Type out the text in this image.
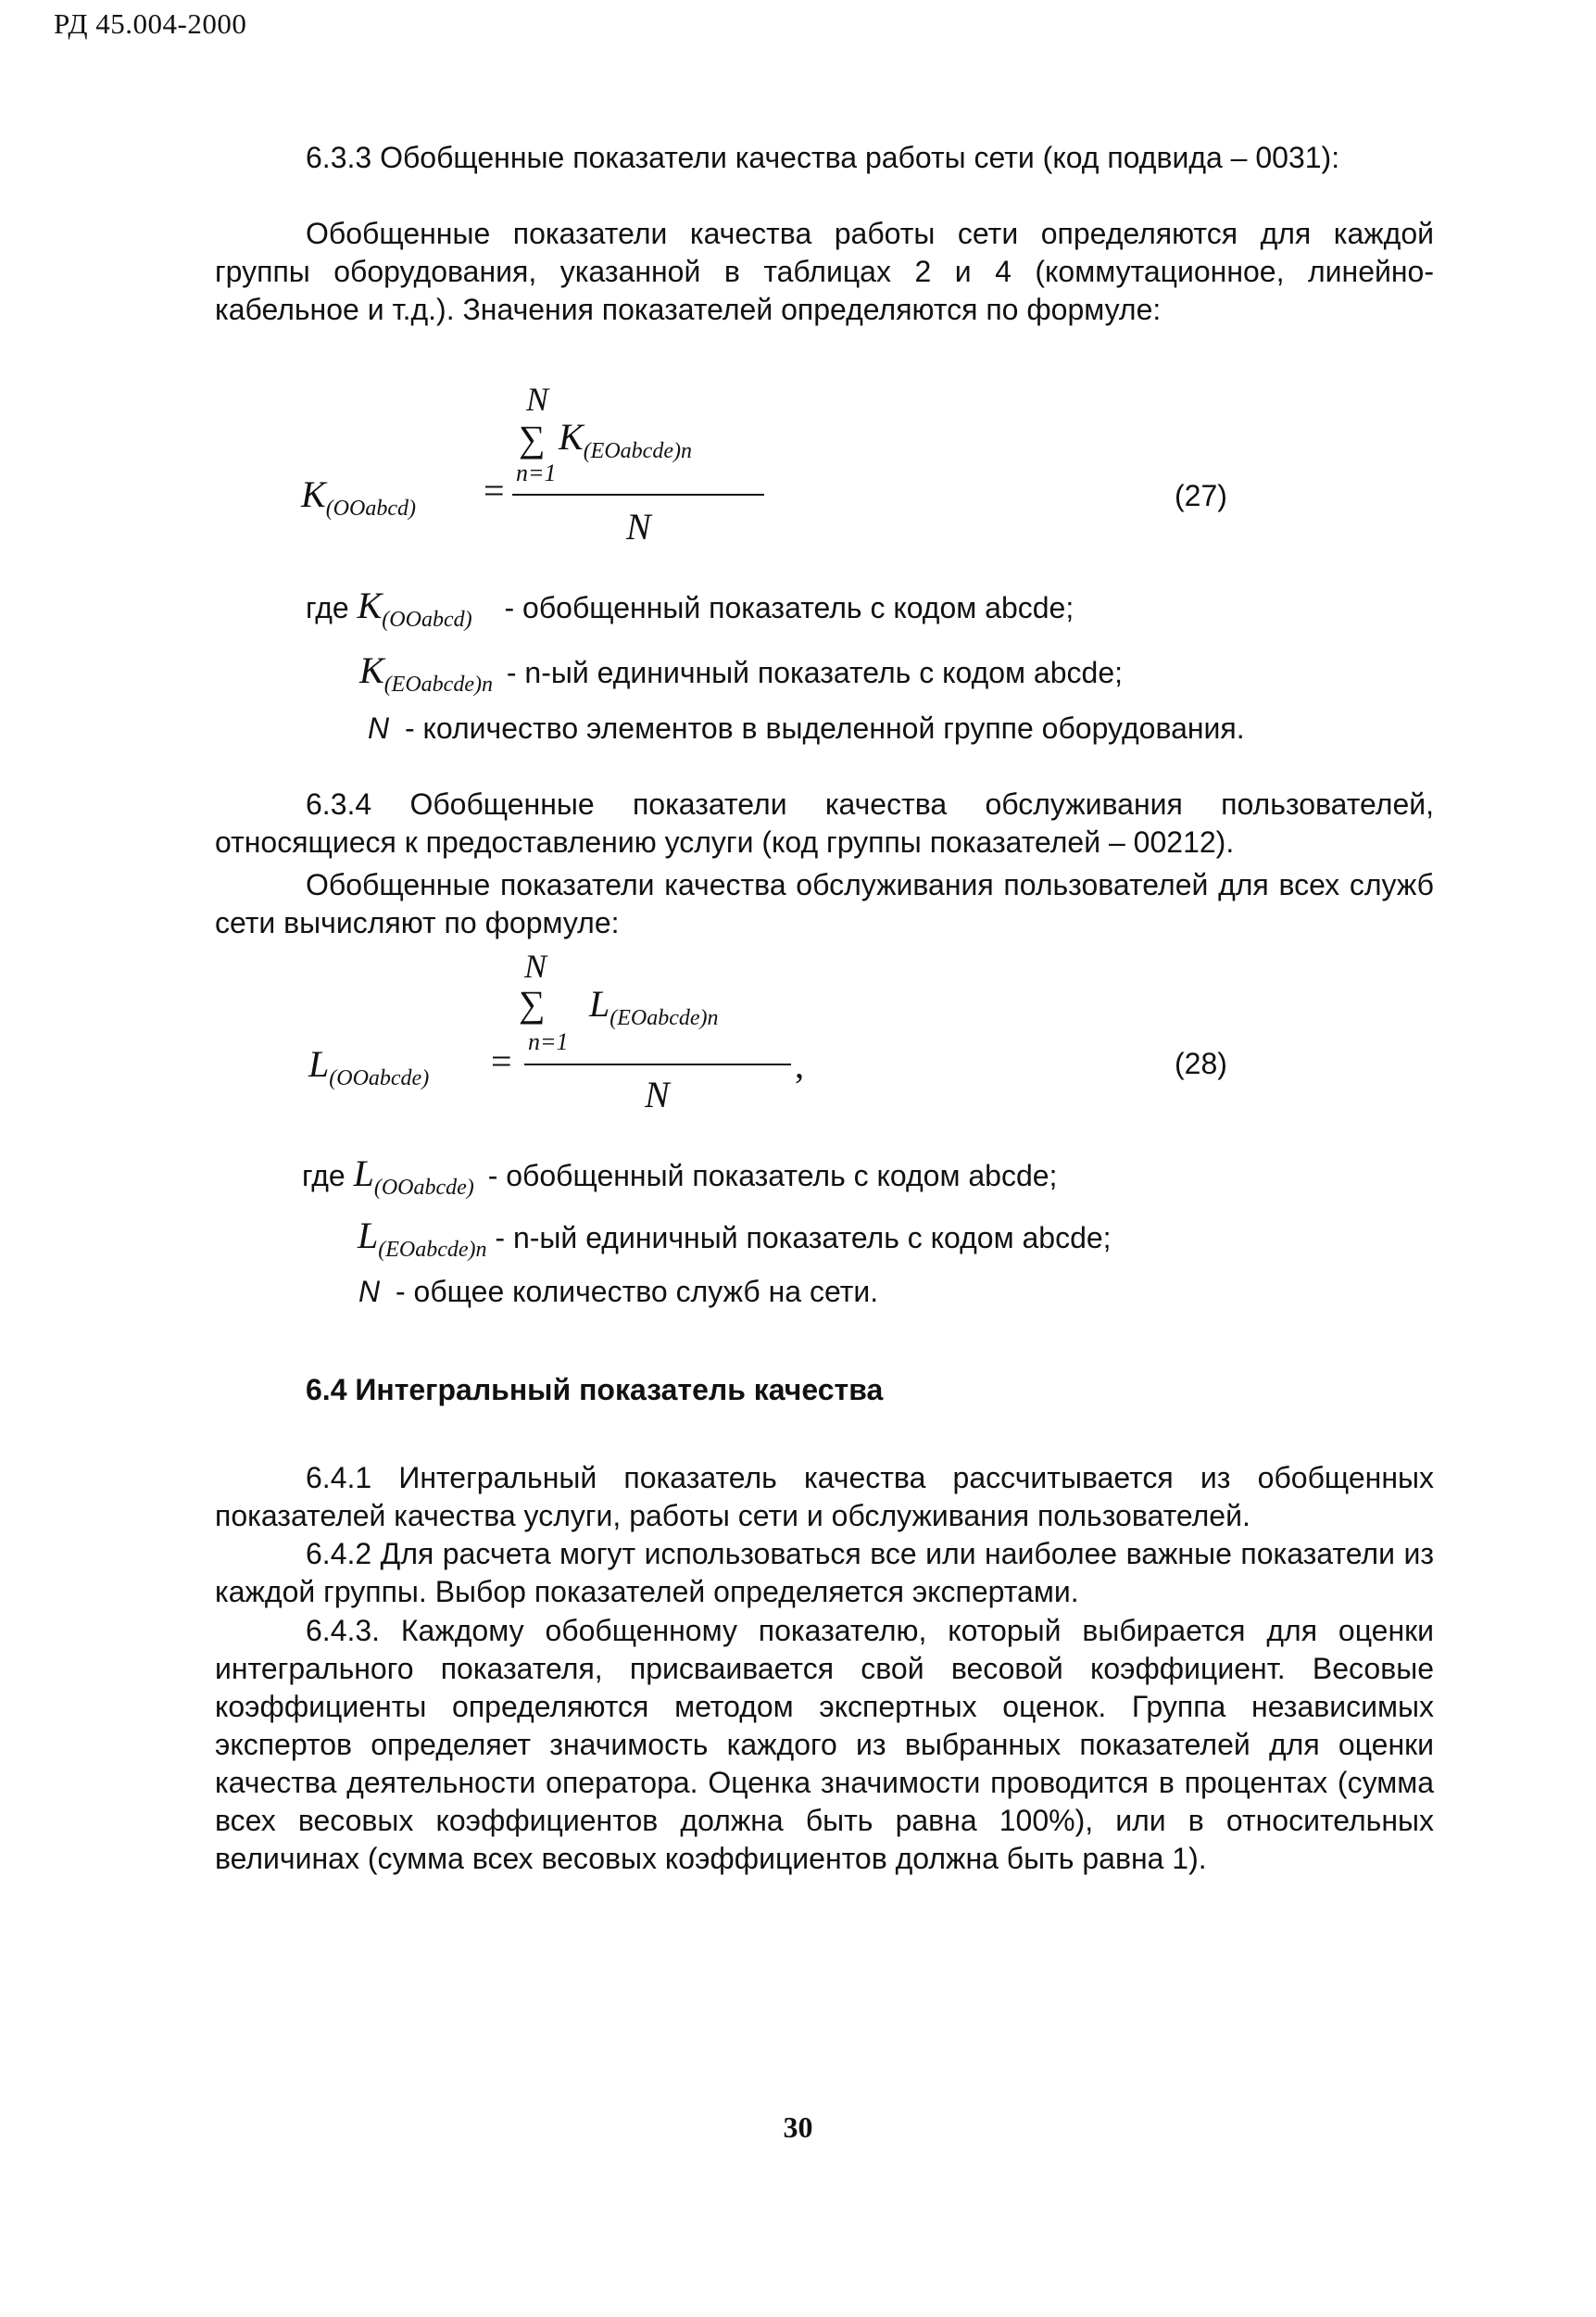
РД 45.004-2000
6.3.3 Обобщенные показатели качества работы сети (код подвида – 0031):
Обобщенные показатели качества работы сети определяются для каждой группы оборудования, указанной в таблицах 2 и 4 (коммутационное, линейно-кабельное и т.д.). Значения показателей определяются по формуле:
N
∑ $K_{(EOabcde)n}$
$K_{(OOabcd)} = n=1$
N
(27)
где $K_{(OOabcd)}$ - обобщенный показатель с кодом abcde;
$K_{(EOabcde)n} - n-ый$ единичный показатель с кодом abcde;
N - количество элементов в выделенной группе оборудования.
6.3.4 Обобщенные показатели качества обслуживания пользователей, относящиеся к предоставлению услуги (код группы показателей – 00212).
Обобщенные показатели качества обслуживания пользователей для всех служб сети вычисляют по формуле:
N
∑ $L_{(EOabcde)n}$
$L_{(OOabcde)} = n=1$
,
N
(28)
где $L_{(OOabcde)}$ - обобщенный показатель с кодом abcde;
$L_{(EOabcde)n} - n-ый$ единичный показатель с кодом abcde;
N - общее количество служб на сети.
6.4 Интегральный показатель качества
6.4.1 Интегральный показатель качества рассчитывается из обобщенных показателей качества услуги, работы сети и обслуживания пользователей.
6.4.2 Для расчета могут использоваться все или наиболее важные показатели из каждой группы. Выбор показателей определяется экспертами.
6.4.3. Каждому обобщенному показателю, который выбирается для оценки интегрального показателя, присваивается свой весовой коэффициент. Весовые коэффициенты определяются методом экспертных оценок. Группа независимых экспертов определяет значимость каждого из выбранных показателей для оценки качества деятельности оператора. Оценка значимости проводится в процентах (сумма всех весовых коэффициентов должна быть равна 100%), или в относительных величинах (сумма всех весовых коэффициентов должна быть равна 1).
30
